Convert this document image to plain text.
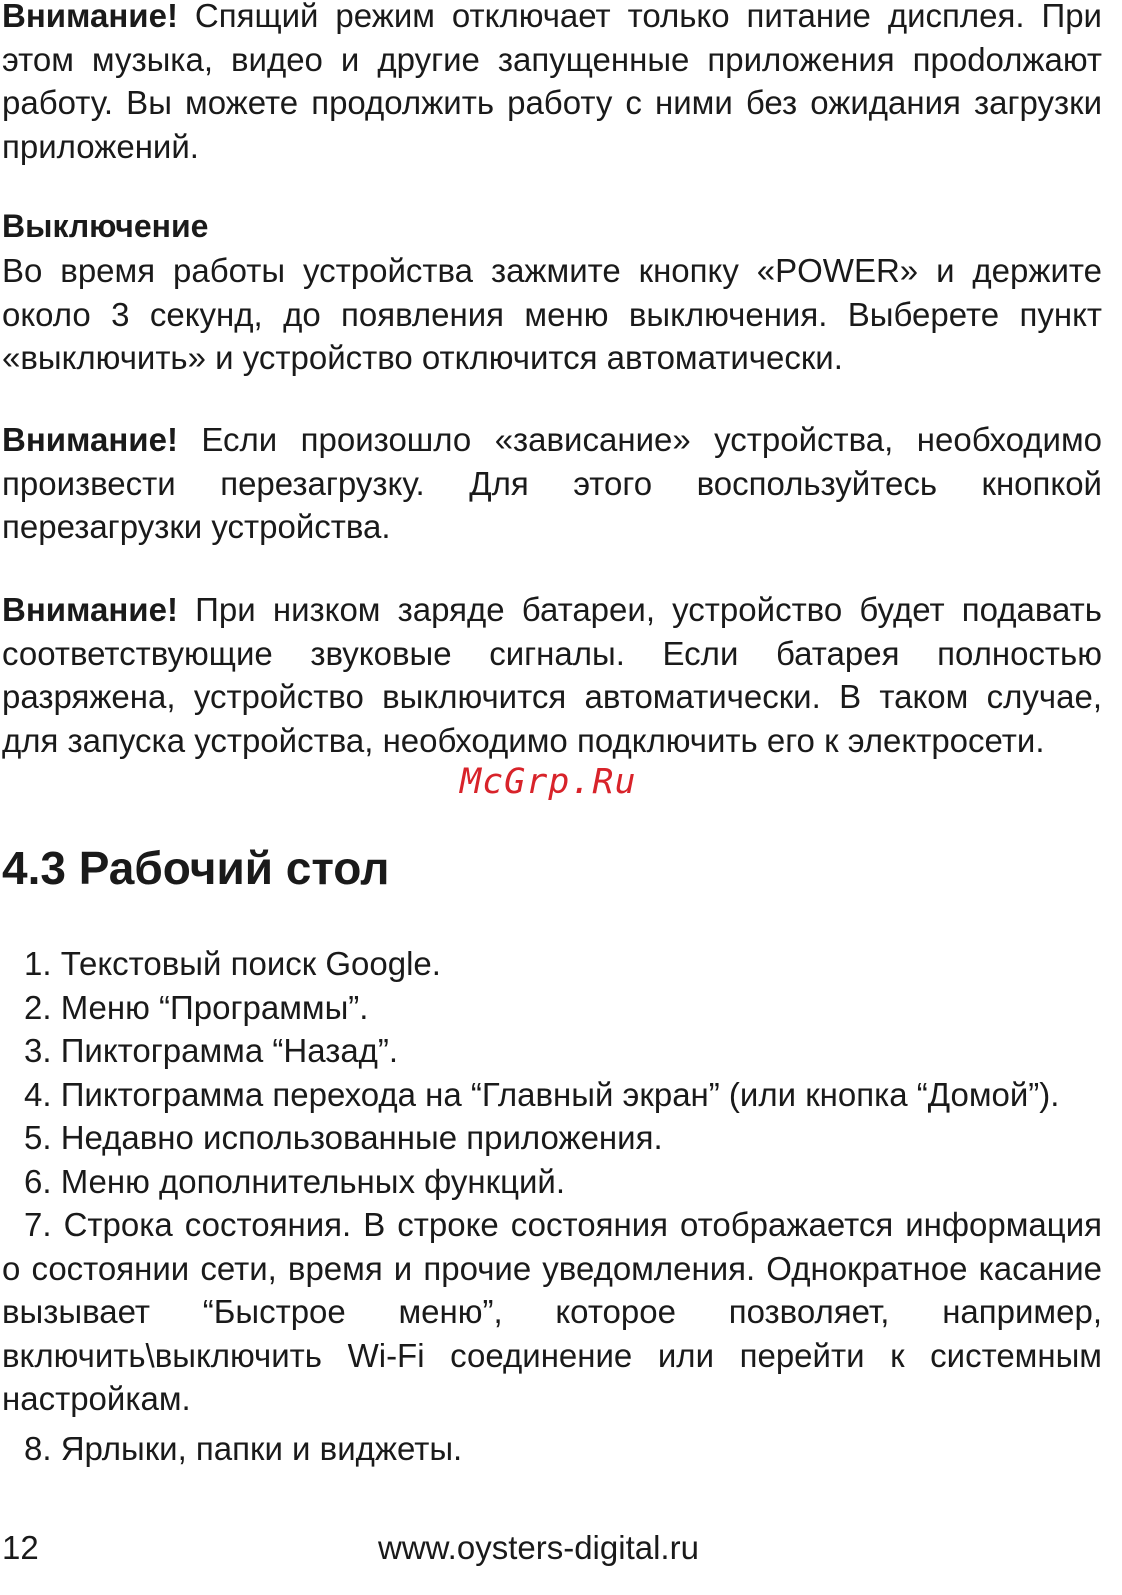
Внимание! Спящий режим отключает только питание дисплея. При этом музыка, видео и другие запущенные приложения проdолжают работу. Вы можете продолжить работу с ними без ожидания загрузки приложений.

Выключение

Во время работы устройства зажмите кнопку «POWER» и держите около 3 секунд, до появления меню выключения. Выберете пункт «выключить» и устройство отключится автоматически.

Внимание! Если произошло «зависание» устройства, необходимо произвести перезагрузку. Для этого воспользуйтесь кнопкой перезагрузки устройства.

Внимание! При низком заряде батареи, устройство будет подавать соответствующие звуковые сигналы. Если батарея полностью разряжена, устройство выключится автоматически. В таком случае, для запуска устройства, необходимо подключить его к электросети.

McGrp.Ru
4.3 Рабочий стол
1. Текстовый поиск Google.
2. Меню “Программы”.
3. Пиктограмма “Назад”.
4. Пиктограмма перехода на “Главный экран” (или кнопка “Домой”).
5. Недавно использованные приложения.
6. Меню дополнительных функций.
7. Строка состояния. В строке состояния отображается информация о состоянии сети, время и прочие уведомления. Однократное касание вызывает “Быстрое меню”, которое позволяет, например, включить\выключить Wi-Fi соединение или перейти к системным настройкам.
8. Ярлыки, папки и виджеты.
12	www.oysters-digital.ru
